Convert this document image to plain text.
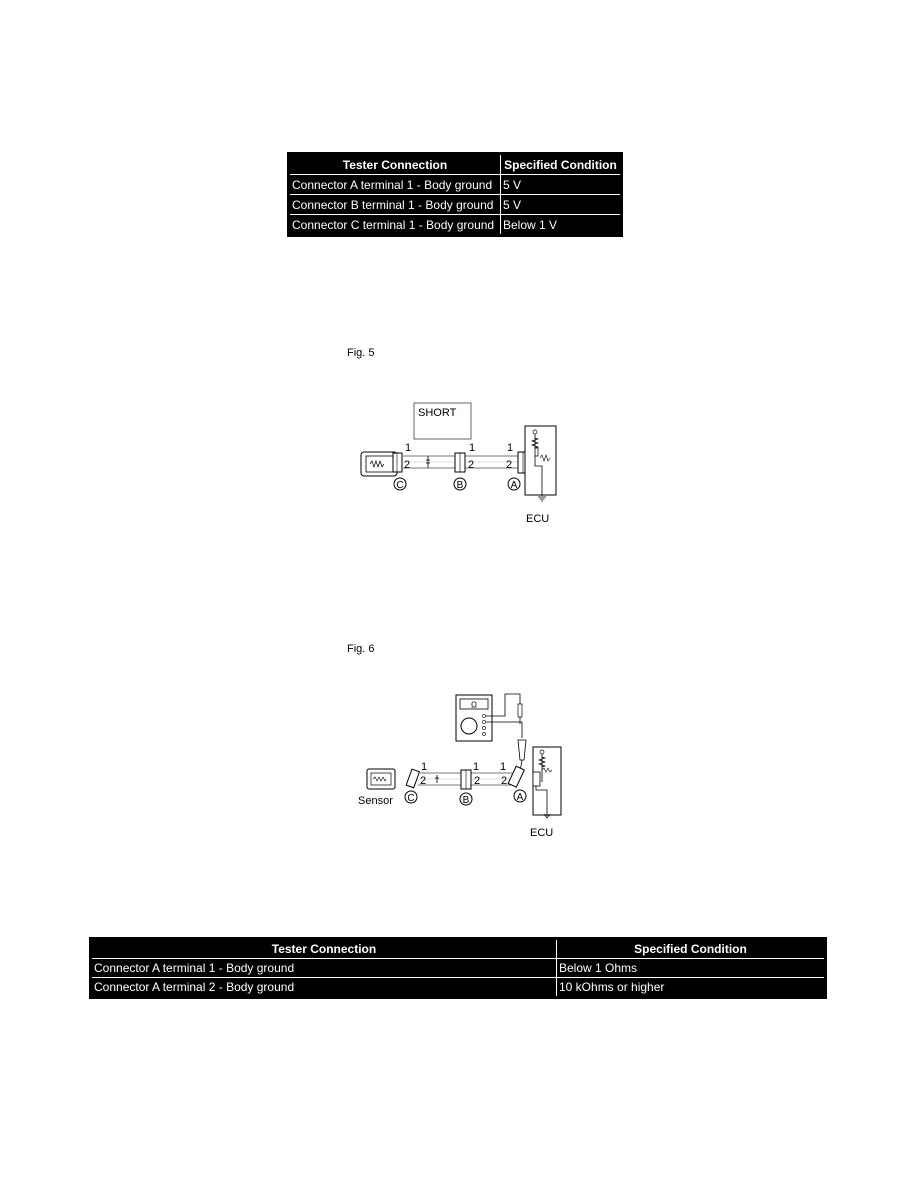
Tester Connection	Specified Condition
Connector A terminal 1 - Body ground	5 V
Connector B terminal 1 - Body ground	5 V
Connector C terminal 1 - Body ground	Below 1 V
Fig. 5
SHORT
1
2
1
2
1
2
C	B	A
ECU
Fig. 6
Ω
Sensor
1
2
1
2
1
2
C	B	A
ECU
Tester Connection	Specified Condition
Connector A terminal 1 - Body ground	Below 1 Ohms
Connector A terminal 2 - Body ground	10 kOhms or higher
